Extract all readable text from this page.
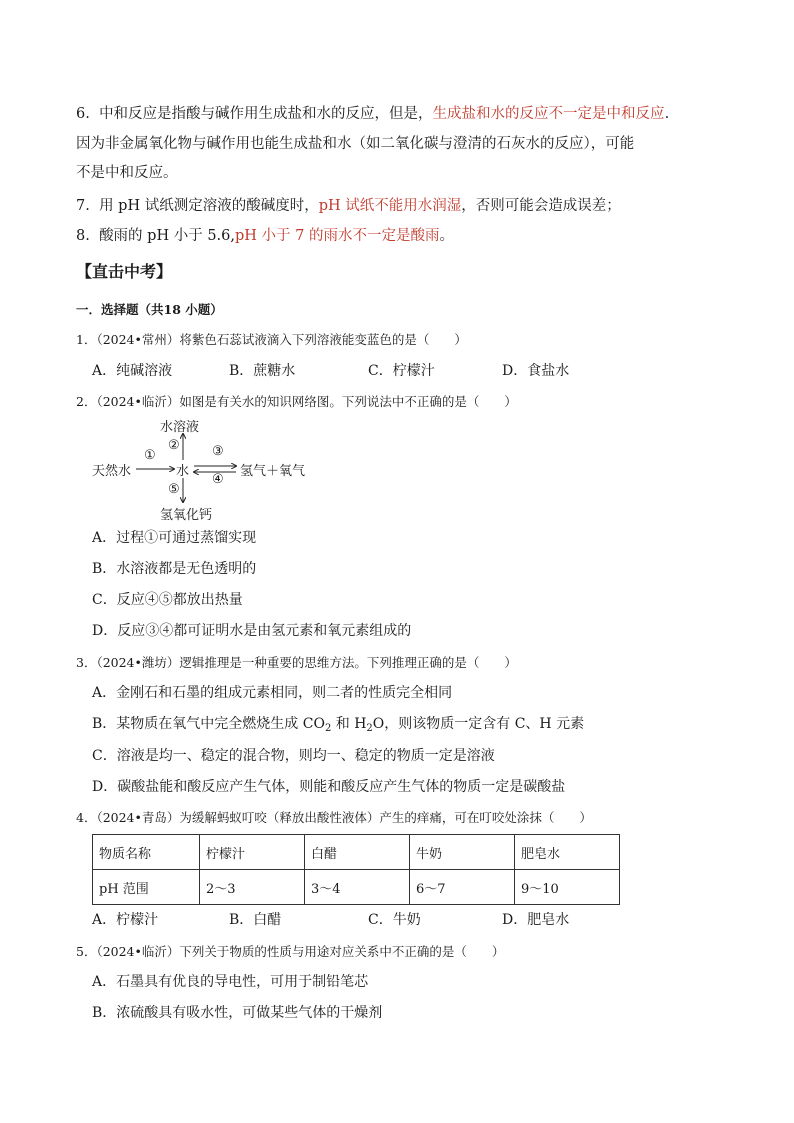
6. 中和反应是指酸与碱作用生成盐和水的反应，但是，生成盐和水的反应不一定是中和反应.
因为非金属氧化物与碱作用也能生成盐和水（如二氧化碳与澄清的石灰水的反应），可能
不是中和反应。
7. 用 pH 试纸测定溶液的酸碱度时，pH 试纸不能用水润湿，否则可能会造成误差；
8. 酸雨的 pH 小于 5.6,pH 小于 7 的雨水不一定是酸雨。
【直击中考】
一．选择题（共18 小题）
1．（2024•常州）将紫色石蕊试液滴入下列溶液能变蓝色的是（　　）
A．纯碱溶液	B．蔗糖水	C．柠檬汁	D．食盐水
2．（2024•临沂）如图是有关水的知识网络图。下列说法中不正确的是（　　）
水溶液
②
天然水
①
水
③
④
氢气＋氧气
⑤
氢氧化钙
A．过程①可通过蒸馏实现
B．水溶液都是无色透明的
C．反应④⑤都放出热量
D．反应③④都可证明水是由氢元素和氧元素组成的
3．（2024•潍坊）逻辑推理是一种重要的思维方法。下列推理正确的是（　　）
A．金刚石和石墨的组成元素相同，则二者的性质完全相同
B．某物质在氧气中完全燃烧生成 $CO_2$ 和 $H_2O$，则该物质一定含有 C、H 元素
C．溶液是均一、稳定的混合物，则均一、稳定的物质一定是溶液
D．碳酸盐能和酸反应产生气体，则能和酸反应产生气体的物质一定是碳酸盐
4．（2024•青岛）为缓解蚂蚁叮咬（释放出酸性液体）产生的痒痛，可在叮咬处涂抹（　　）
物质名称	柠檬汁	白醋	牛奶	肥皂水
pH 范围	2～3	3～4	6～7	9～10
A．柠檬汁	B．白醋	C．牛奶	D．肥皂水
5．（2024•临沂）下列关于物质的性质与用途对应关系中不正确的是（　　）
A．石墨具有优良的导电性，可用于制铅笔芯
B．浓硫酸具有吸水性，可做某些气体的干燥剂
